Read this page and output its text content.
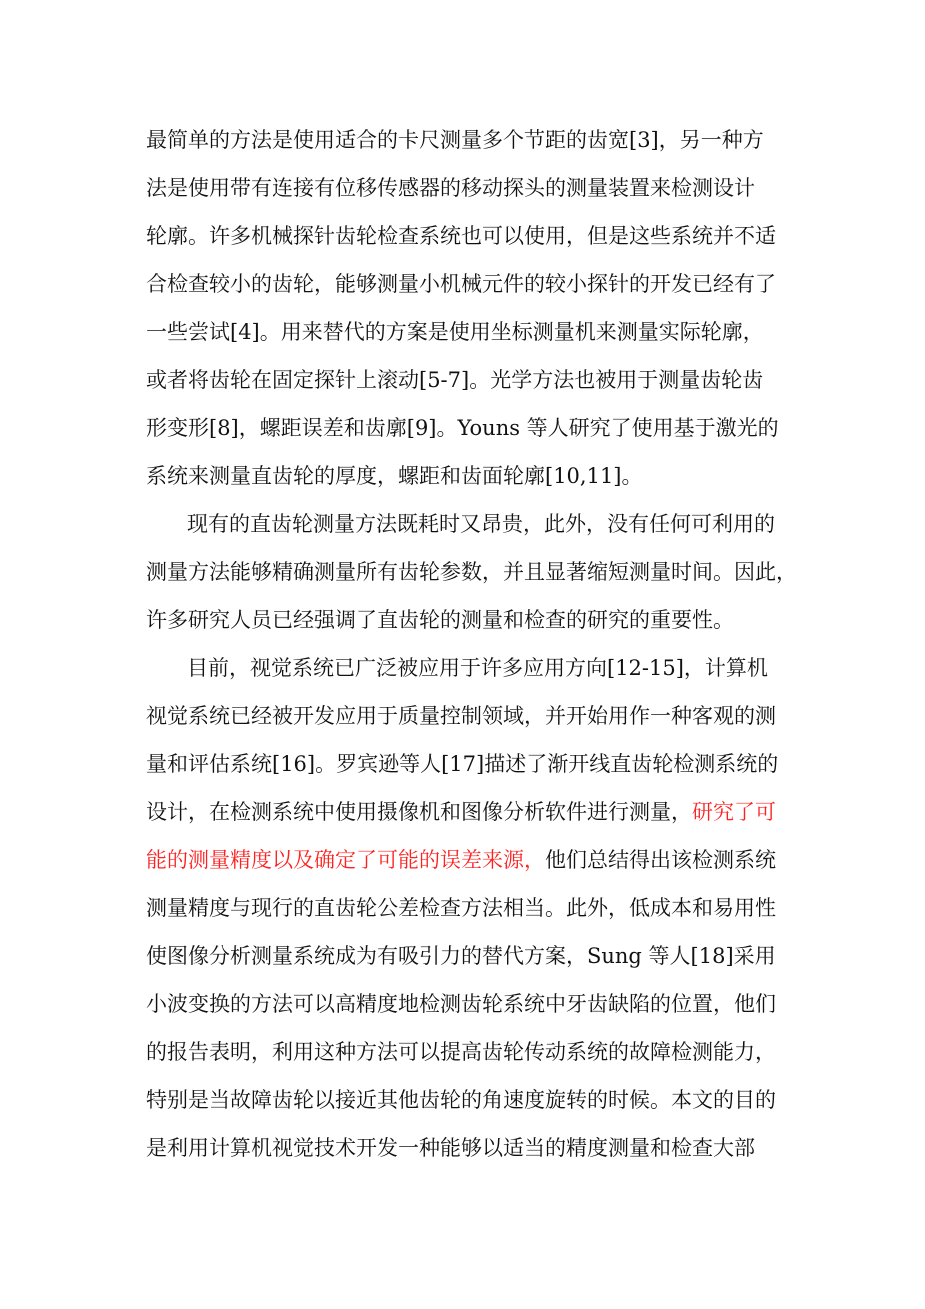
最简单的方法是使用适合的卡尺测量多个节距的齿宽[3]，另一种方
法是使用带有连接有位移传感器的移动探头的测量装置来检测设计
轮廓。许多机械探针齿轮检查系统也可以使用，但是这些系统并不适
合检查较小的齿轮，能够测量小机械元件的较小探针的开发已经有了
一些尝试[4]。用来替代的方案是使用坐标测量机来测量实际轮廓，
或者将齿轮在固定探针上滚动[5-7]。光学方法也被用于测量齿轮齿
形变形[8]，螺距误差和齿廓[9]。Youns 等人研究了使用基于激光的
系统来测量直齿轮的厚度，螺距和齿面轮廓[10,11]。
现有的直齿轮测量方法既耗时又昂贵，此外，没有任何可利用的
测量方法能够精确测量所有齿轮参数，并且显著缩短测量时间。因此，
许多研究人员已经强调了直齿轮的测量和检查的研究的重要性。
目前，视觉系统已广泛被应用于许多应用方向[12-15]，计算机
视觉系统已经被开发应用于质量控制领域，并开始用作一种客观的测
量和评估系统[16]。罗宾逊等人[17]描述了渐开线直齿轮检测系统的
设计，在检测系统中使用摄像机和图像分析软件进行测量，研究了可
能的测量精度以及确定了可能的误差来源，他们总结得出该检测系统
测量精度与现行的直齿轮公差检查方法相当。此外，低成本和易用性
使图像分析测量系统成为有吸引力的替代方案，Sung 等人[18]采用
小波变换的方法可以高精度地检测齿轮系统中牙齿缺陷的位置，他们
的报告表明，利用这种方法可以提高齿轮传动系统的故障检测能力，
特别是当故障齿轮以接近其他齿轮的角速度旋转的时候。本文的目的
是利用计算机视觉技术开发一种能够以适当的精度测量和检查大部
